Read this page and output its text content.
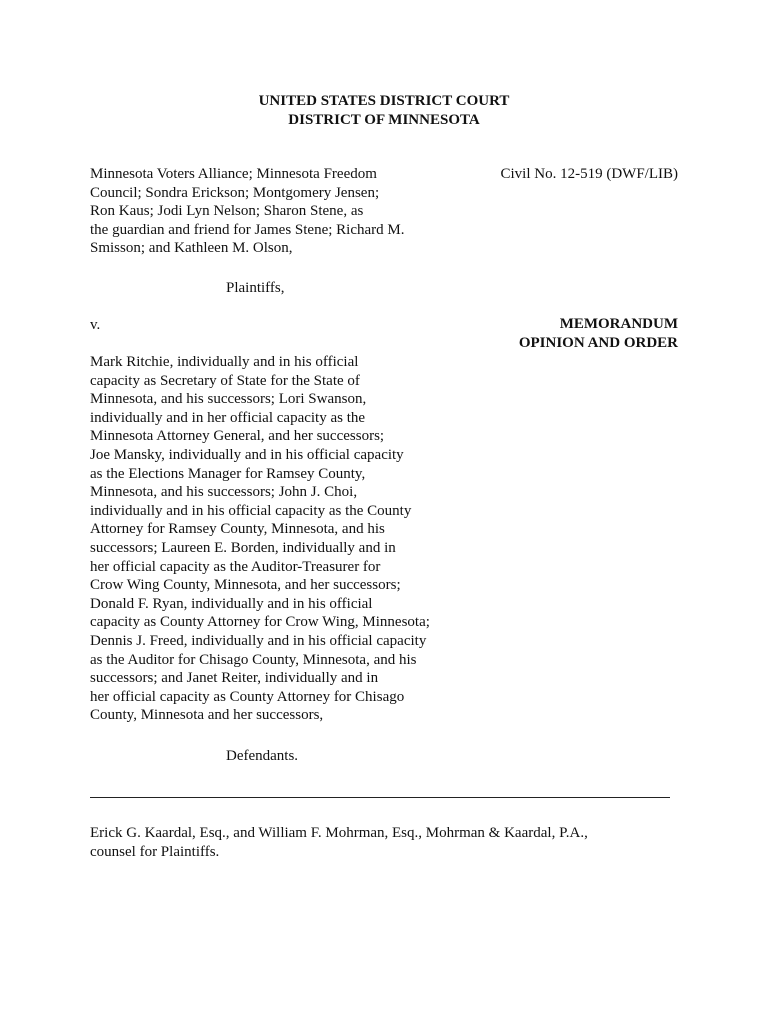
UNITED STATES DISTRICT COURT
DISTRICT OF MINNESOTA
Minnesota Voters Alliance; Minnesota Freedom
Council; Sondra Erickson; Montgomery Jensen;
Ron Kaus; Jodi Lyn Nelson; Sharon Stene, as
the guardian and friend for James Stene; Richard M.
Smisson; and Kathleen M. Olson,
Civil No. 12-519 (DWF/LIB)
Plaintiffs,
v.	MEMORANDUM
OPINION AND ORDER
Mark Ritchie, individually and in his official
capacity as Secretary of State for the State of
Minnesota, and his successors; Lori Swanson,
individually and in her official capacity as the
Minnesota Attorney General, and her successors;
Joe Mansky, individually and in his official capacity
as the Elections Manager for Ramsey County,
Minnesota, and his successors; John J. Choi,
individually and in his official capacity as the County
Attorney for Ramsey County, Minnesota, and his
successors; Laureen E. Borden, individually and in
her official capacity as the Auditor-Treasurer for
Crow Wing County, Minnesota, and her successors;
Donald F. Ryan, individually and in his official
capacity as County Attorney for Crow Wing, Minnesota;
Dennis J. Freed, individually and in his official capacity
as the Auditor for Chisago County, Minnesota, and his
successors; and Janet Reiter, individually and in
her official capacity as County Attorney for Chisago
County, Minnesota and her successors,
Defendants.
Erick G. Kaardal, Esq., and William F. Mohrman, Esq., Mohrman & Kaardal, P.A.,
counsel for Plaintiffs.
